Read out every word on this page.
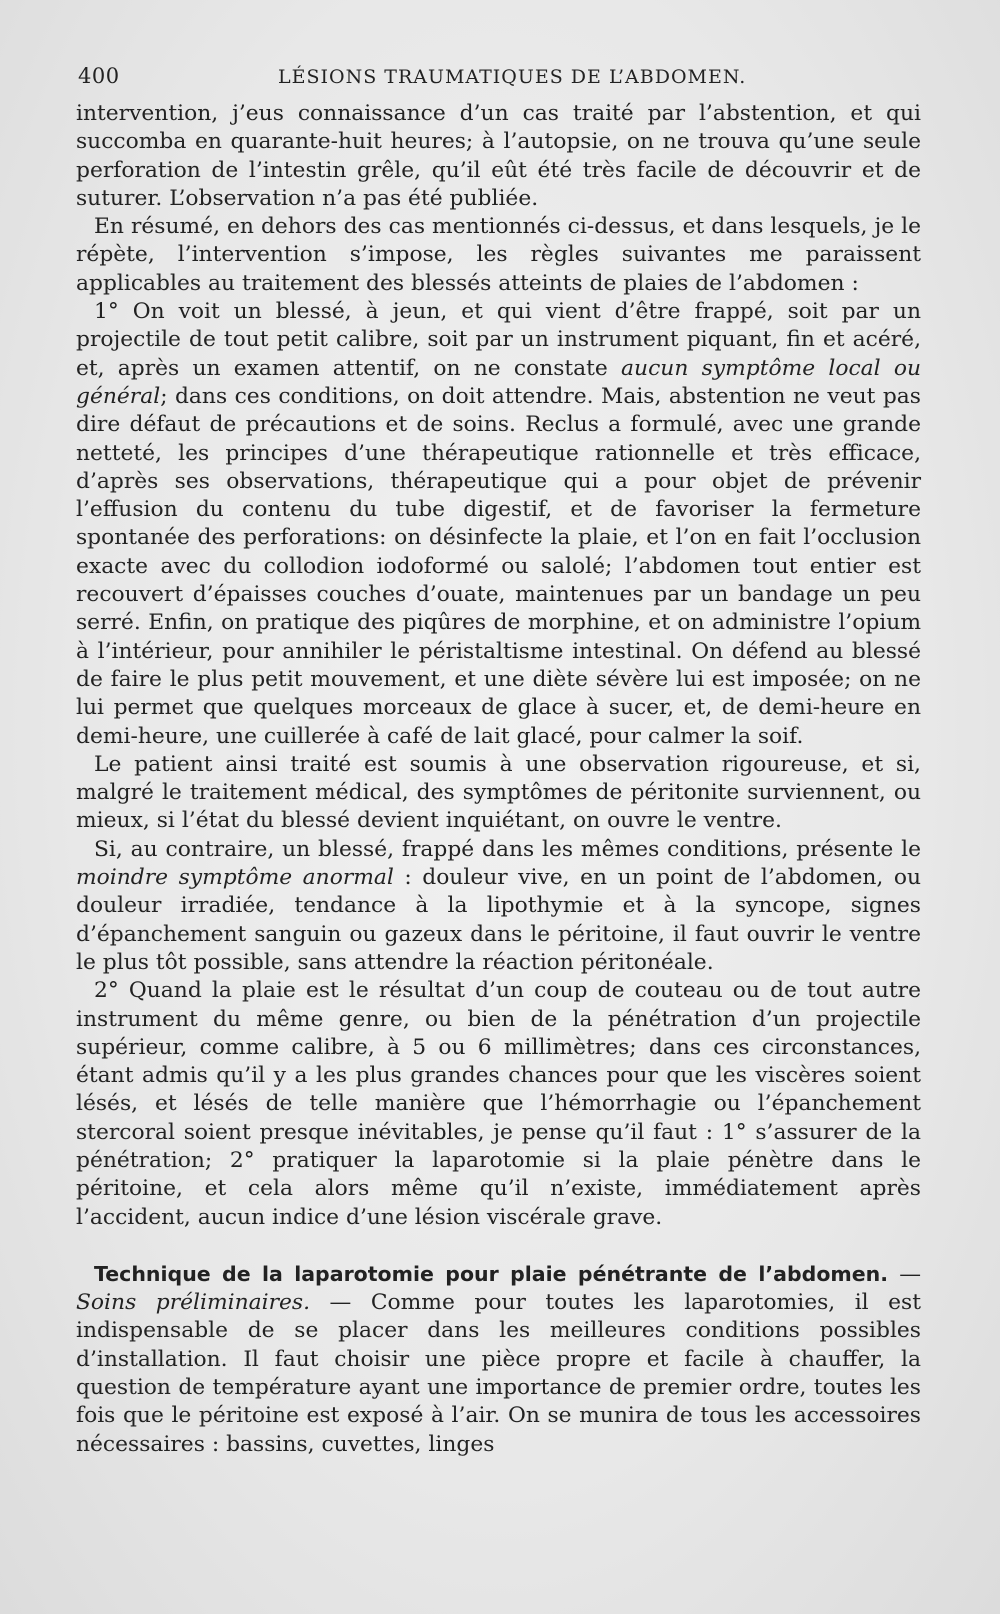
400	LÉSIONS TRAUMATIQUES DE L’ABDOMEN.

intervention, j’eus connaissance d’un cas traité par l’abstention, et qui succomba en quarante-huit heures; à l’autopsie, on ne trouva qu’une seule perforation de l’intestin grêle, qu’il eût été très facile de découvrir et de suturer. L’observation n’a pas été publiée.

En résumé, en dehors des cas mentionnés ci-dessus, et dans lesquels, je le répète, l’intervention s’impose, les règles suivantes me paraissent applicables au traitement des blessés atteints de plaies de l’abdomen :

1° On voit un blessé, à jeun, et qui vient d’être frappé, soit par un projectile de tout petit calibre, soit par un instrument piquant, fin et acéré, et, après un examen attentif, on ne constate aucun symptôme local ou général; dans ces conditions, on doit attendre. Mais, abstention ne veut pas dire défaut de précautions et de soins. Reclus a formulé, avec une grande netteté, les principes d’une thérapeutique rationnelle et très efficace, d’après ses observations, thérapeutique qui a pour objet de prévenir l’effusion du contenu du tube digestif, et de favoriser la fermeture spontanée des perforations: on désinfecte la plaie, et l’on en fait l’occlusion exacte avec du collodion iodoformé ou salolé; l’abdomen tout entier est recouvert d’épaisses couches d’ouate, maintenues par un bandage un peu serré. Enfin, on pratique des piqûres de morphine, et on administre l’opium à l’intérieur, pour annihiler le péristaltisme intestinal. On défend au blessé de faire le plus petit mouvement, et une diète sévère lui est imposée; on ne lui permet que quelques morceaux de glace à sucer, et, de demi-heure en demi-heure, une cuillerée à café de lait glacé, pour calmer la soif.

Le patient ainsi traité est soumis à une observation rigoureuse, et si, malgré le traitement médical, des symptômes de péritonite surviennent, ou mieux, si l’état du blessé devient inquiétant, on ouvre le ventre.

Si, au contraire, un blessé, frappé dans les mêmes conditions, présente le moindre symptôme anormal : douleur vive, en un point de l’abdomen, ou douleur irradiée, tendance à la lipothymie et à la syncope, signes d’épanchement sanguin ou gazeux dans le péritoine, il faut ouvrir le ventre le plus tôt possible, sans attendre la réaction péritonéale.

2° Quand la plaie est le résultat d’un coup de couteau ou de tout autre instrument du même genre, ou bien de la pénétration d’un projectile supérieur, comme calibre, à 5 ou 6 millimètres; dans ces circonstances, étant admis qu’il y a les plus grandes chances pour que les viscères soient lésés, et lésés de telle manière que l’hémorrhagie ou l’épanchement stercoral soient presque inévitables, je pense qu’il faut : 1° s’assurer de la pénétration; 2° pratiquer la laparotomie si la plaie pénètre dans le péritoine, et cela alors même qu’il n’existe, immédiatement après l’accident, aucun indice d’une lésion viscérale grave.

Technique de la laparotomie pour plaie pénétrante de l’abdomen. — Soins préliminaires. — Comme pour toutes les laparotomies, il est indispensable de se placer dans les meilleures conditions possibles d’installation. Il faut choisir une pièce propre et facile à chauffer, la question de température ayant une importance de premier ordre, toutes les fois que le péritoine est exposé à l’air. On se munira de tous les accessoires nécessaires : bassins, cuvettes, linges
